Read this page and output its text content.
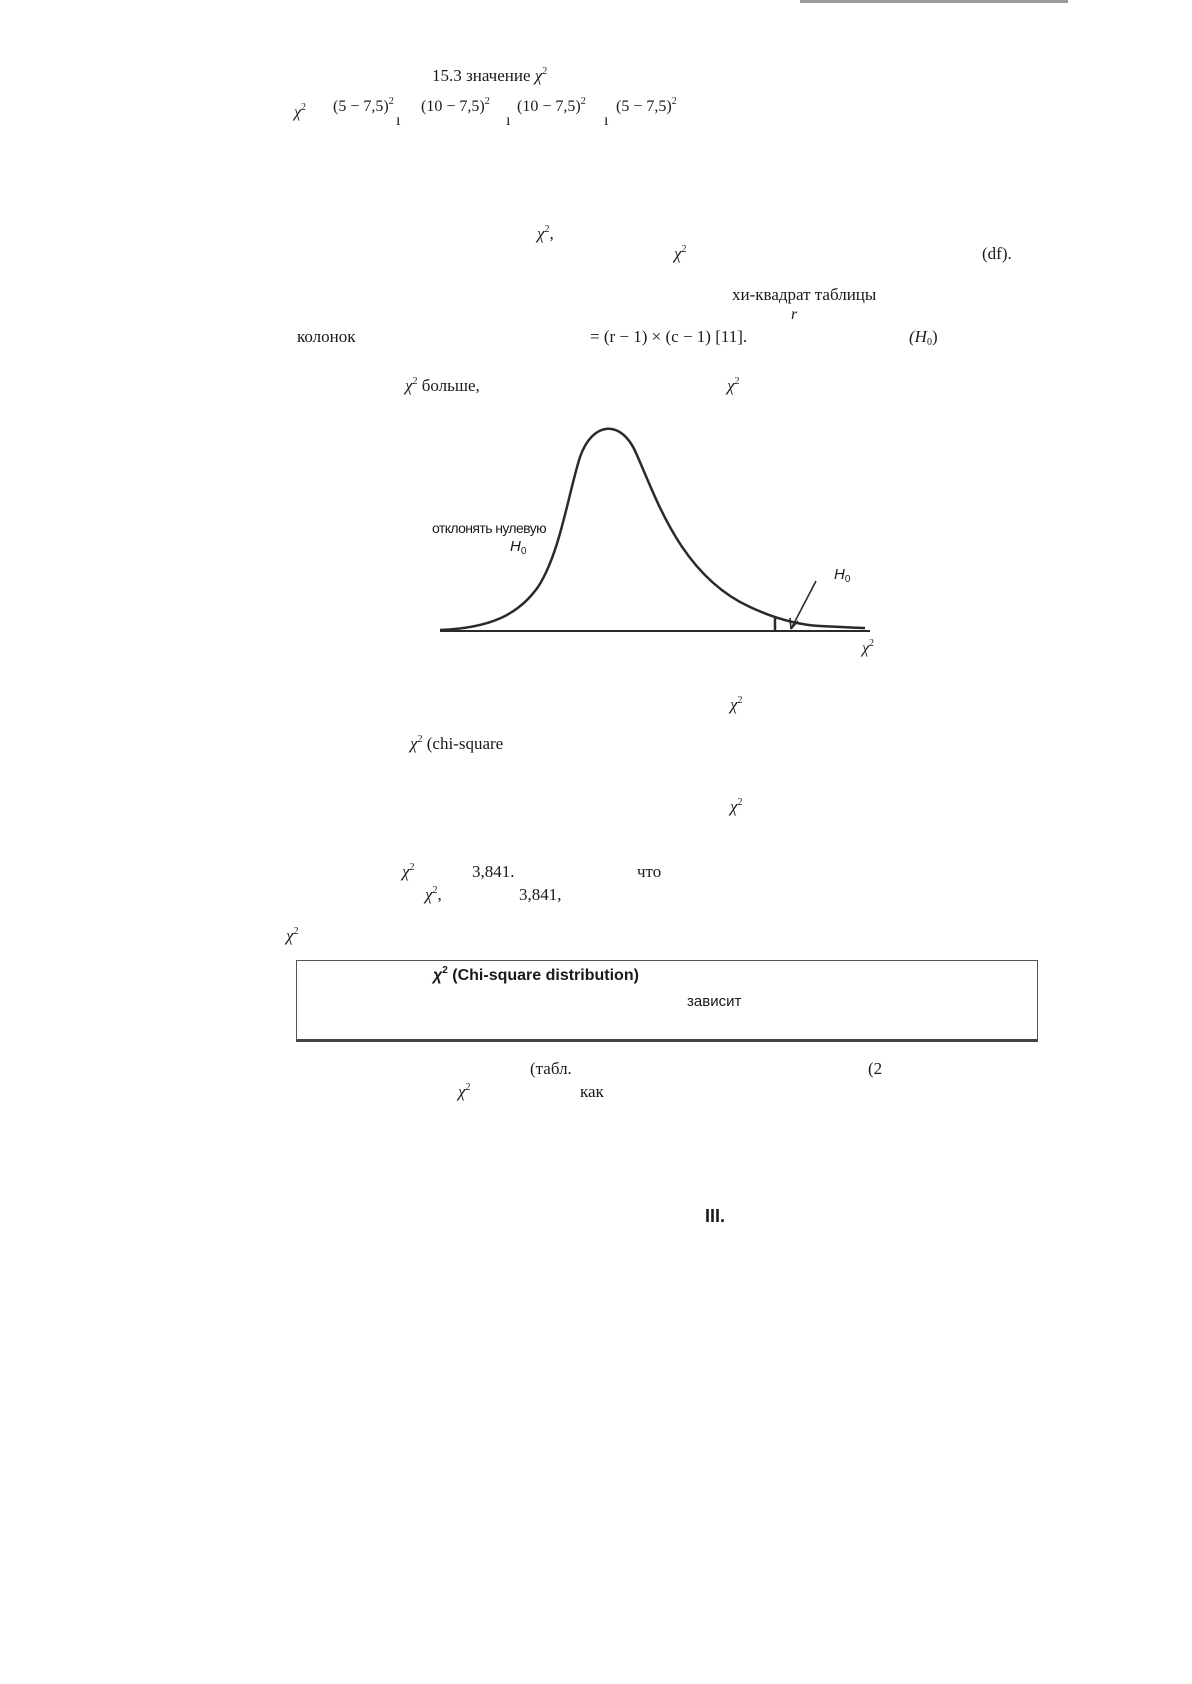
15.3 значение $\chi^2$
$\chi^2$ $(5 - 7,5)^2$
ı
$(10 - 7,5)^2$
ı
$(10 - 7,5)^2$
ı
$(5 - 7,5)^2$
$\chi^2$,
$\chi^2$	(df).
хи-квадрат таблицы
r
колонок	= (r − 1) × (c − 1) [11].	$(H_0)$
$\chi^2$ больше,	$\chi^2$
отклонять нулевую
$H_0$
$H_0$
$\chi^2$
$\chi^2$
$\chi^2$ (chi-square
$\chi^2$
$\chi^2$	3,841.	что
$\chi^2$,	3,841,
$\chi^2$
$\chi^2$ (Chi-square distribution)
зависит
(табл.	(2
$\chi^2$	как
III.
